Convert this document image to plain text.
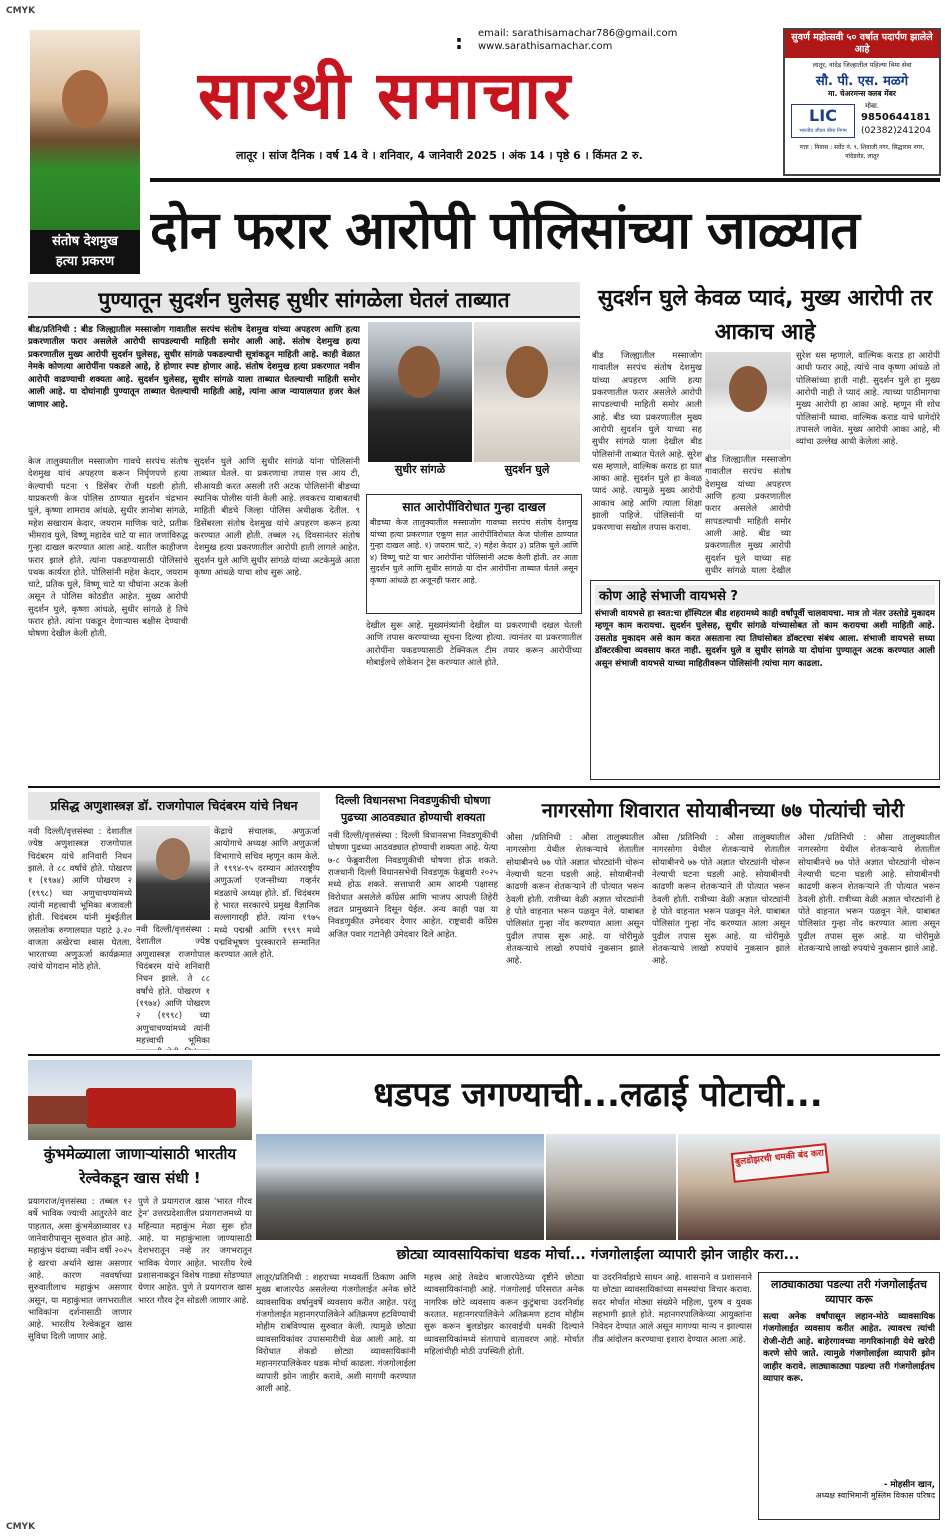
CMYK
CMYK
संतोष देशमुख
हत्या प्रकरण
email: sarathisamachar786@gmail.com
www.sarathisamachar.com
:
सारथी समाचार
लातूर । सांज दैनिक । वर्ष 14 वे । शनिवार, 4 जानेवारी 2025 । अंक 14 । पृष्ठे 6 । किंमत 2 रु.
सुवर्ण महोत्सवी ५० वर्षात पदार्पण झालेले आहे
लातूर, नांदेड जिल्हातील पहिल्या विमा सेवा
सौ. पी. एस. मळगे
मा. चेअरमन्स क्लब मेंबर
LIC
भारतीय जीवन बीमा निगम
मोबा.
9850644181
(02382)241204
पत्ता : निवास : सर्वेट नं. ९, शिवाजी नगर, सिद्धाराम नगर, नांदेडरोड, लातूर
दोन फरार आरोपी पोलिसांच्या जाळ्यात
पुण्यातून सुदर्शन घुलेसह सुधीर सांगळेला घेतलं ताब्यात	सुदर्शन घुले केवळ प्यादं, मुख्य आरोपी तर आकाच आहे
बीड/प्रतिनिधी : बीड जिल्ह्यातील मस्साजोग गावातील सरपंच संतोष देशमुख यांच्या अपहरण आणि हत्या प्रकरणातील फरार असलेले आरोपी सापडल्याची माहिती समोर आली आहे. संतोष देशमुख हत्या प्रकरणातील मुख्य आरोपी सुदर्शन घुलेसह, सुधीर सांगळे पकडल्याची सूत्रांकडून माहिती आहे. काही वेळात नेमके कोणत्या आरोपींना पकडले आहे, हे होणार स्पष्ट होणार आहे. संतोष देशमुख हत्या प्रकरणात नवीन आरोपी वाढण्याची शक्यता आहे. सुदर्शन घुलेसह, सुधीर सांगळे याला ताब्यात घेतल्याची माहिती समोर आली आहे. या दोघांनाही पुण्यातून ताब्यात घेतल्याची माहिती आहे, त्यांना आज न्यायालयात हजर केलं जाणार आहे.
केज तालुक्यातील मस्साजोग गावचे सरपंच संतोष देशमुख यांचं अपहरण करून निर्घृणपणे हत्या केल्याची घटना ९ डिसेंबर रोजी घडली होती. याप्रकरणी केज पोलिस ठाण्यात सुदर्शन चंद्रभान घुले, कृष्णा शामराव आंधळे, सुधीर ज्ञानोबा सांगळे, महेश सखाराम केदार, जयराम माणिक चाटे, प्रतीक भीमराव घुले, विष्णू महादेव चाटे या सात जणांविरुद्ध गुन्हा दाखल करण्यात आला आहे. यातील काहीजण फरार झाले होते. त्यांना पकडण्यासाठी पोलिसांचे पथक कार्यरत होते. पोलिसांनी महेश केदार, जयराम चाटे, प्रतिक घुले, विष्णू चाटे या चौघांना अटक केली असून ते पोलिस कोठडीत आहेत. मुख्य आरोपी सुदर्शन घुले, कृष्णा आंधळे, सुधीर सांगळे हे तिघे फरार होते. त्यांना पकडून देणाऱ्यास बक्षीस देण्याची घोषणा देखील केली होती.
सुदर्शन घुले आणि सुधीर सांगळे यांना पोलिसांनी ताब्यात घेतले. या प्रकरणाचा तपास एस आय टी, सीआयडी करत असली तरी अटक पोलिसांनी बीडच्या स्थानिक पोलीस यांनी केली आहे. लवकरच याबाबतची माहिती बीडचे जिल्हा पोलिस अधीक्षक देतील. ९ डिसेंबरला संतोष देशमुख यांचे अपहरण करून हत्या करण्यात आली होती. तब्बल २६ दिवसानंतर संतोष देशमुख हत्या प्रकरणातील आरोपी हाती लागले आहेत. सुदर्शन घुले आणि सुधीर सांगळे यांच्या अटकेमुळे आता कृष्णा आंधळे याचा शोध सुरू आहे.
सुधीर सांगळे	सुदर्शन घुले
सात आरोपींविरोधात गुन्हा दाखल
बीडच्या केज तालुक्यातील मस्साजोग गावच्या सरपंच संतोष देशमुख यांच्या हत्या प्रकरणात एकूण सात आरोपींविरोधात केज पोलीस ठाण्यात गुन्हा दाखल आहे. १) जयराम चाटे, २) महेश केदार ३) प्रतिक घुले आणि ४) विष्णू चाटे या चार आरोपींना पोलिसांनी अटक केली होती. तर आता सुदर्शन घुले आणि सुधीर सांगळे या दोन आरोपींना ताब्यात घेतले असून कृष्णा आंधळे हा अजूनही फरार आहे.
देखील सुरू आहे. मुख्यमंत्र्यांनी देखील या प्रकरणाची दखल घेतली आणि तपास करण्याच्या सूचना दिल्या होत्या. त्यानंतर या प्रकरणातील आरोपींना पकडण्यासाठी टेक्निकल टीम तयार करून आरोपींच्या मोबाईलचे लोकेशन ट्रेस करण्यात आले होते.
बीड जिल्ह्यातील मस्साजोग गावातील सरपंच संतोष देशमुख यांच्या अपहरण आणि हत्या प्रकरणातील फरार असलेले आरोपी सापडल्याची माहिती समोर आली आहे. बीड च्या प्रकरणातील मुख्य आरोपी सुदर्शन घुले याच्या सह सुधीर सांगळे याला देखील बीड पोलिसांनी ताब्यात घेतले आहे. सुरेश धस म्हणाले, वाल्मिक कराड हा यात आका आहे. सुदर्शन घुले हा केवळ प्यादं आहे. त्यामुळे मुख्य आरोपी आकाच आहे आणि त्याला शिक्षा झाली पाहिजे. पोलिसांनी या प्रकरणाचा सखोल तपास करावा.
सुरेश धस म्हणाले, वाल्मिक कराड हा आरोपी आधी फरार आहे, त्यांचे नाव कृष्णा आंधळे तो पोलिसांच्या हाती नाही. सुदर्शन घुले हा मुख्य आरोपी नाही ते प्यादं आहे. त्याच्या पाठीमागचा मुख्य आरोपी हा आका आहे. म्हणून मी शोध पोलिसांनी घ्यावा. वाल्मिक कराड याचे धागेदोरे तपासले जावेत. मुख्य आरोपी आका आहे, मी व्यांचा उल्लेख आधी केलेला आहे.
बीड जिल्ह्यातील मस्साजोग गावातील सरपंच संतोष देशमुख यांच्या अपहरण आणि हत्या प्रकरणातील फरार असलेले आरोपी सापडल्याची माहिती समोर आली आहे. बीड च्या प्रकरणातील मुख्य आरोपी सुदर्शन घुले याच्या सह सुधीर सांगळे याला देखील
कोण आहे संभाजी वायभसे ?
संभाजी वायभसे हा स्वत:चा हॉस्पिटल बीड शहरामध्ये काही वर्षांपूर्वी चालवायचा. मात्र तो नंतर उस्तोडे मुकादम म्हणून काम करायचा. सुदर्शन घुलेसह, सुधीर सांगळे यांच्यासोबत तो काम करायचा अशी माहिती आहे. उसतोड मुकादम असे काम करत असताना त्या तिघांसोबत डॉक्टरचा संबंध आला. संभाजी वायभसे सध्या डॉक्टरकीचा व्यवसाय करत नाही. सुदर्शन घुले व सुधीर सांगळे या दोघांना पुण्यातून अटक करण्यात आली असून संभाजी वायभसे याच्या माहितीवरून पोलिसांनी त्यांचा माग काढला.
प्रसिद्ध अणुशास्त्रज्ञ डॉ. राजगोपाल चिदंबरम यांचे निधन
नवी दिल्ली/वृत्तसंस्था : देशातील ज्येष्ठ अणुशास्त्रज्ञ राजगोपाल चिदंबरम यांचे शनिवारी निधन झाले. ते ८८ वर्षांचे होते. पोखरण १ (१९७४) आणि पोखरण २ (१९९८) च्या अणुचाचण्यांमध्ये त्यांनी महत्त्वाची भूमिका बजावली होती. चिदंबरम यांनी मुंबईतील जसलोक रुग्णालयात पहाटे ३.२० वाजता अखेरचा श्वास घेतला. भारताच्या अणुऊर्जा कार्यक्रमात त्यांचे योगदान मोठे होते.
केंद्राचे संचालक, अणुऊर्जा आयोगाचे अध्यक्ष आणि अणुऊर्जा विभागाचे सचिव म्हणून काम केले. ते १९९४-९५ दरम्यान आंतरराष्ट्रीय अणुऊर्जा एजन्सीच्या गव्हर्नर मंडळाचे अध्यक्ष होते. डॉ. चिदंबरम हे भारत सरकारचे प्रमुख वैज्ञानिक सल्लागारही होते. त्यांना १९७५ मध्ये पद्मश्री आणि १९९९ मध्ये पद्मविभूषण पुरस्काराने सन्मानित करण्यात आले होते.
नवी दिल्ली/वृत्तसंस्था : देशातील ज्येष्ठ अणुशास्त्रज्ञ राजगोपाल चिदंबरम यांचे शनिवारी निधन झाले. ते ८८ वर्षांचे होते. पोखरण १ (१९७४) आणि पोखरण २ (१९९८) च्या अणुचाचण्यांमध्ये त्यांनी महत्त्वाची भूमिका
दिल्ली विधानसभा निवडणुकीची घोषणा पुढच्या आठवड्यात होण्याची शक्यता
नवी दिल्ली/वृत्तसंस्था : दिल्ली विधानसभा निवडणुकीची घोषणा पुढच्या आठवड्यात होण्याची शक्यता आहे. येत्या ७-८ फेब्रुवारीला निवडणुकीची घोषणा होऊ शकते. राजधानी दिल्ली विधानसभेची निवडणूक फेब्रुवारी २०२५ मध्ये होऊ शकते. सत्ताधारी आम आदमी पक्षासह विरोधात असलेले काँग्रेस आणि भाजप आपली तिहेरी लढत प्रामुख्याने दिसून येईल. अन्य काही पक्ष या निवडणुकीत उमेदवार देणार आहेत. राष्ट्रवादी काँग्रेस अजित पवार गटानेही उमेदवार दिले आहेत.
नागरसोगा शिवारात सोयाबीनच्या ७७ पोत्यांची चोरी
औसा /प्रतिनिधी : औसा तालुक्यातील नागरसोगा येथील शेतकऱ्याचे शेतातील सोयाबीनचे ७७ पोते अज्ञात चोरट्यांनी चोरून नेल्याची घटना घडली आहे. सोयाबीनची काढणी करून शेतकऱ्याने ती पोत्यात भरून ठेवली होती. रात्रीच्या वेळी अज्ञात चोरट्यांनी हे पोते वाहनात भरून पळवून नेले. याबाबत पोलिसांत गुन्हा नोंद करण्यात आला असून पुढील तपास सुरू आहे. या चोरीमुळे शेतकऱ्याचे लाखो रुपयांचे नुकसान झाले आहे.
औसा /प्रतिनिधी : औसा तालुक्यातील नागरसोगा येथील शेतकऱ्याचे शेतातील सोयाबीनचे ७७ पोते अज्ञात चोरट्यांनी चोरून नेल्याची घटना घडली आहे. सोयाबीनची काढणी करून शेतकऱ्याने ती पोत्यात भरून ठेवली होती. रात्रीच्या वेळी अज्ञात चोरट्यांनी हे पोते वाहनात भरून पळवून नेले. याबाबत पोलिसांत गुन्हा नोंद करण्यात आला असून पुढील तपास सुरू आहे. या चोरीमुळे शेतकऱ्याचे लाखो रुपयांचे नुकसान झाले आहे.
औसा /प्रतिनिधी : औसा तालुक्यातील नागरसोगा येथील शेतकऱ्याचे शेतातील सोयाबीनचे ७७ पोते अज्ञात चोरट्यांनी चोरून नेल्याची घटना घडली आहे. सोयाबीनची काढणी करून शेतकऱ्याने ती पोत्यात भरून ठेवली होती. रात्रीच्या वेळी अज्ञात चोरट्यांनी हे पोते वाहनात भरून पळवून नेले. याबाबत पोलिसांत गुन्हा नोंद करण्यात आला असून पुढील तपास सुरू आहे. या चोरीमुळे शेतकऱ्याचे लाखो रुपयांचे नुकसान झाले आहे.
कुंभमेळ्याला जाणाऱ्यांसाठी भारतीय रेल्वेकडून खास संधी !
प्रयागराज/वृत्तसंस्था : तब्बल १२ वर्षे भाविक ज्याची आतुरतेने वाट पाहतात, असा कुंभमेळाव्यावर १३ जानेवारीपासून सुरुवात होत आहे. महाकुंभ यंदाच्या नवीन वर्षी २०२५ हे खरचा अर्थाने खास असणार आहे. कारण नववर्षाच्या सुरुवातीलाच महाकुंभ असणार असून, या महाकुंभात जगभरातील भाविकांना दर्शनासाठी जाणार आहे. भारतीय रेल्वेकडून खास सुविधा दिली जाणार आहे.
पुणे ते प्रयागराज खास 'भारत गौरव ट्रेन' उत्तरप्रदेशातील प्रयागराजमध्ये या महिन्यात महाकुंभ मेळा सुरू होत आहे. या महाकुंभाला जाण्यासाठी देशभरातून नव्हे तर जगभरातून भाविक येणार आहेत. भारतीय रेल्वे प्रशासनाकडून विशेष गाड्या सोडण्यात येणार आहेत. पुणे ते प्रयागराज खास भारत गौरव ट्रेन सोडली जाणार आहे.
धडपड जगण्याची...लढाई पोटाची...
बुलडोझरची धमकी बंद करा
छोट्या व्यावसायिकांचा धडक मोर्चा... गंजगोलाईला व्यापारी झोन जाहीर करा...
लातूर/प्रतिनिधी : शहराच्या मध्यवर्ती ठिकाण आणि मुख्य बाजारपेठ असलेल्या गंजगोलाईत अनेक छोटे व्यावसायिक वर्षानुवर्षे व्यवसाय करीत आहेत. परंतु गंजगोलाईत महानगरपालिकेने अतिक्रमण हटविण्याची मोहीम राबविण्यास सुरुवात केली. त्यामुळे छोट्या व्यावसायिकांवर उपासमारीची वेळ आली आहे. या विरोधात शेकडो छोट्या व्यावसायिकांनी महानगरपालिकेवर धडक मोर्चा काढला. गंजगोलाईला व्यापारी झोन जाहीर करावे, अशी मागणी करण्यात आली आहे.
महत्त्व आहे तेवढेच बाजारपेठेच्या दृष्टीने छोट्या व्यावसायिकांनाही आहे. गंजगोलाई परिसरात अनेक नागरिक छोटे व्यवसाय करून कुटुंबाचा उदरनिर्वाह करतात. महानगरपालिकेने अतिक्रमण हटाव मोहीम सुरू करून बुलडोझर कारवाईची धमकी दिल्याने व्यावसायिकांमध्ये संतापाचे वातावरण आहे. मोर्चात महिलांचीही मोठी उपस्थिती होती.
या उदरनिर्वाहाचे साधन आहे. शासनाने व प्रशासनाने या छोट्या व्यावसायिकांच्या समस्यांचा विचार करावा. सदर मोर्चात मोठ्या संख्येने महिला, पुरुष व युवक सहभागी झाले होते. महानगरपालिकेच्या आयुक्तांना निवेदन देण्यात आले असून मागण्या मान्य न झाल्यास तीव्र आंदोलन करण्याचा इशारा देण्यात आला आहे.
लाठ्याकाठ्या पडल्या तरी गंजगोलाईतच व्यापार करू
सत्या अनेक वर्षांपासून लहान-मोठे व्यावसायिक गंजगोलाईत व्यवसाय करीत आहेत. त्यावरच त्यांची रोजी-रोटी आहे. बाहेरगावच्या नागरिकांनाही येथे खरेदी करणे सोपे जाते. त्यामुळे गंजगोलाईला व्यापारी झोन जाहीर करावे. लाठ्याकाठ्या पडल्या तरी गंजगोलाईतच व्यापार करू.
- मोहसीन खान,
अध्यक्ष स्वाभिमानी मुस्लिम विकास परिषद
